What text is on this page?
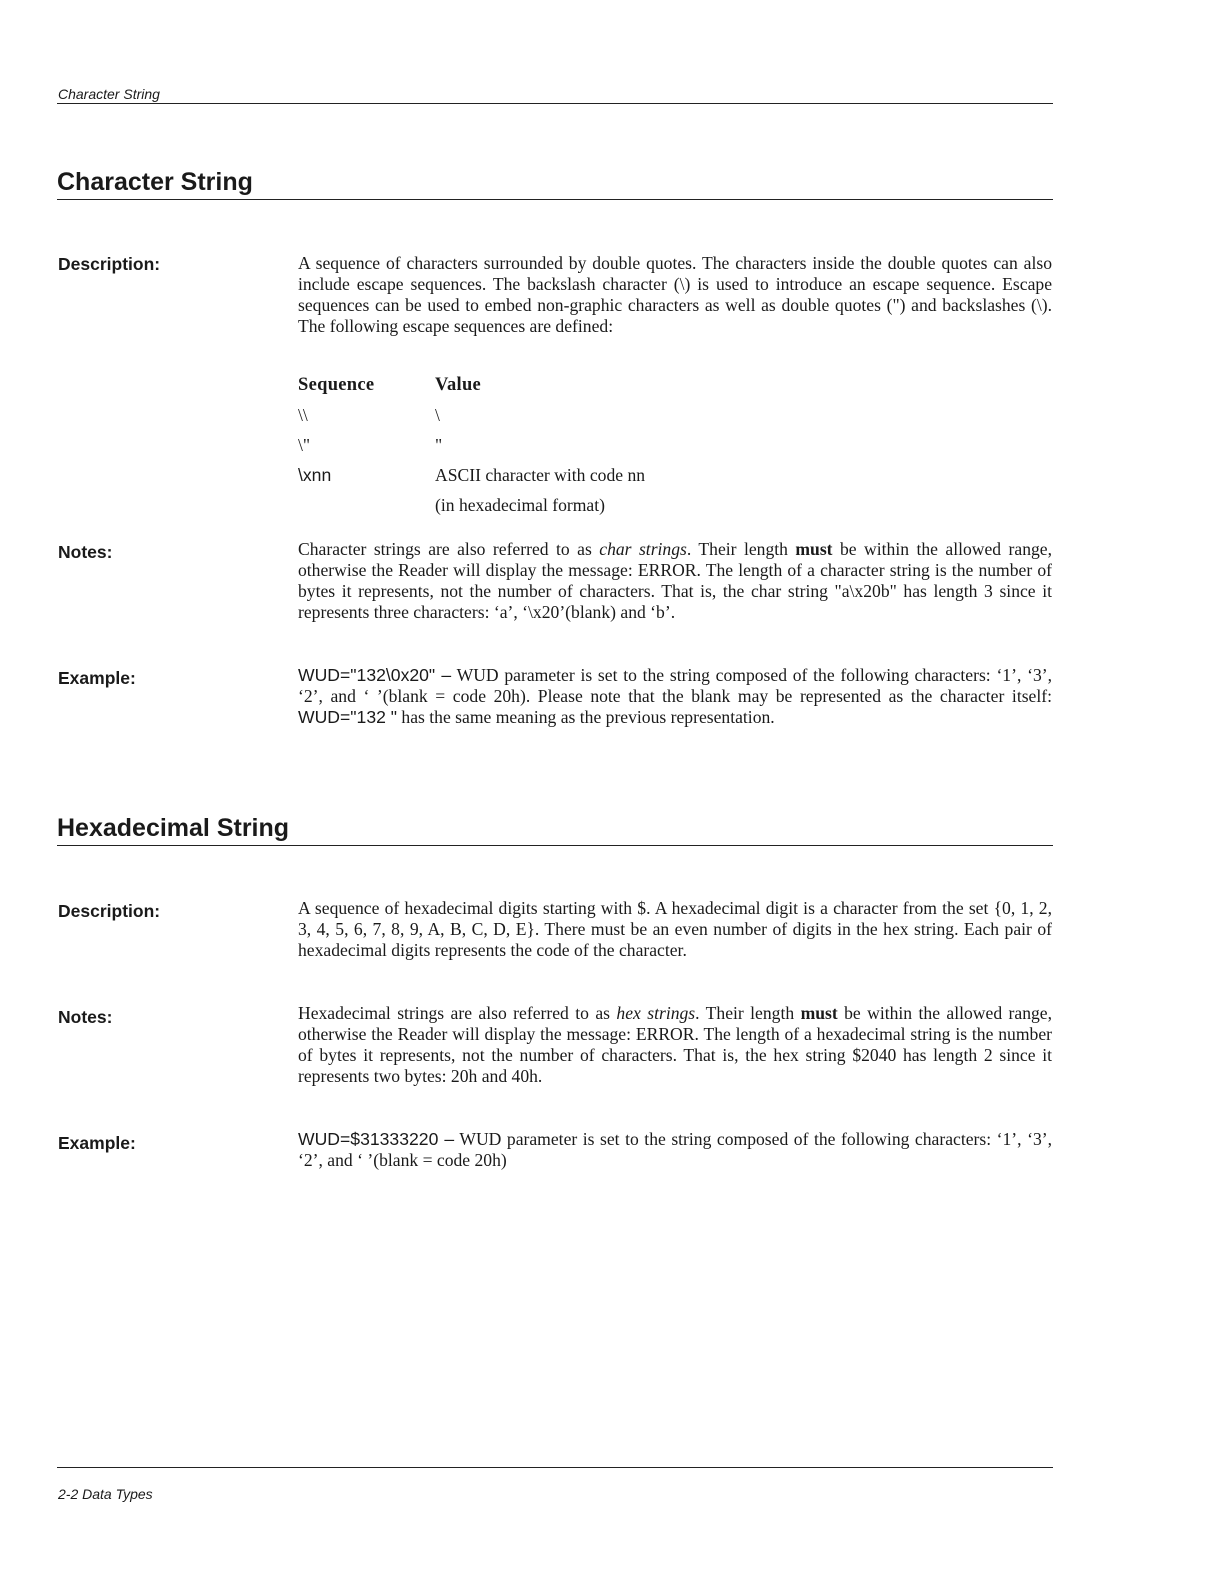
Character String
Character String
Description:	A sequence of characters surrounded by double quotes. The characters inside the double quotes can also include escape sequences. The backslash character (\) is used to introduce an escape sequence. Escape sequences can be used to embed non-graphic characters as well as double quotes (") and backslashes (\). The following escape sequences are defined:
Sequence	Value
\\	\
\"	"
\xnn	ASCII character with code nn
(in hexadecimal format)
Notes:	Character strings are also referred to as char strings. Their length must be within the allowed range, otherwise the Reader will display the message: ERROR. The length of a character string is the number of bytes it represents, not the number of characters. That is, the char string "a\x20b" has length 3 since it represents three characters: ‘a’, ‘\x20’(blank) and ‘b’.
Example:	WUD="132\0x20" – WUD parameter is set to the string composed of the following characters: ‘1’, ‘3’, ‘2’, and ‘ ’(blank = code 20h). Please note that the blank may be represented as the character itself: WUD="132 " has the same meaning as the previous representation.
Hexadecimal String
Description:	A sequence of hexadecimal digits starting with $. A hexadecimal digit is a character from the set {0, 1, 2, 3, 4, 5, 6, 7, 8, 9, A, B, C, D, E}. There must be an even number of digits in the hex string. Each pair of hexadecimal digits represents the code of the character.
Notes:	Hexadecimal strings are also referred to as hex strings. Their length must be within the allowed range, otherwise the Reader will display the message: ERROR. The length of a hexadecimal string is the number of bytes it represents, not the number of characters. That is, the hex string $2040 has length 2 since it represents two bytes: 20h and 40h.
Example:	WUD=$31333220 – WUD parameter is set to the string composed of the following characters: ‘1’, ‘3’, ‘2’, and ‘ ’(blank = code 20h)
2-2 Data Types
